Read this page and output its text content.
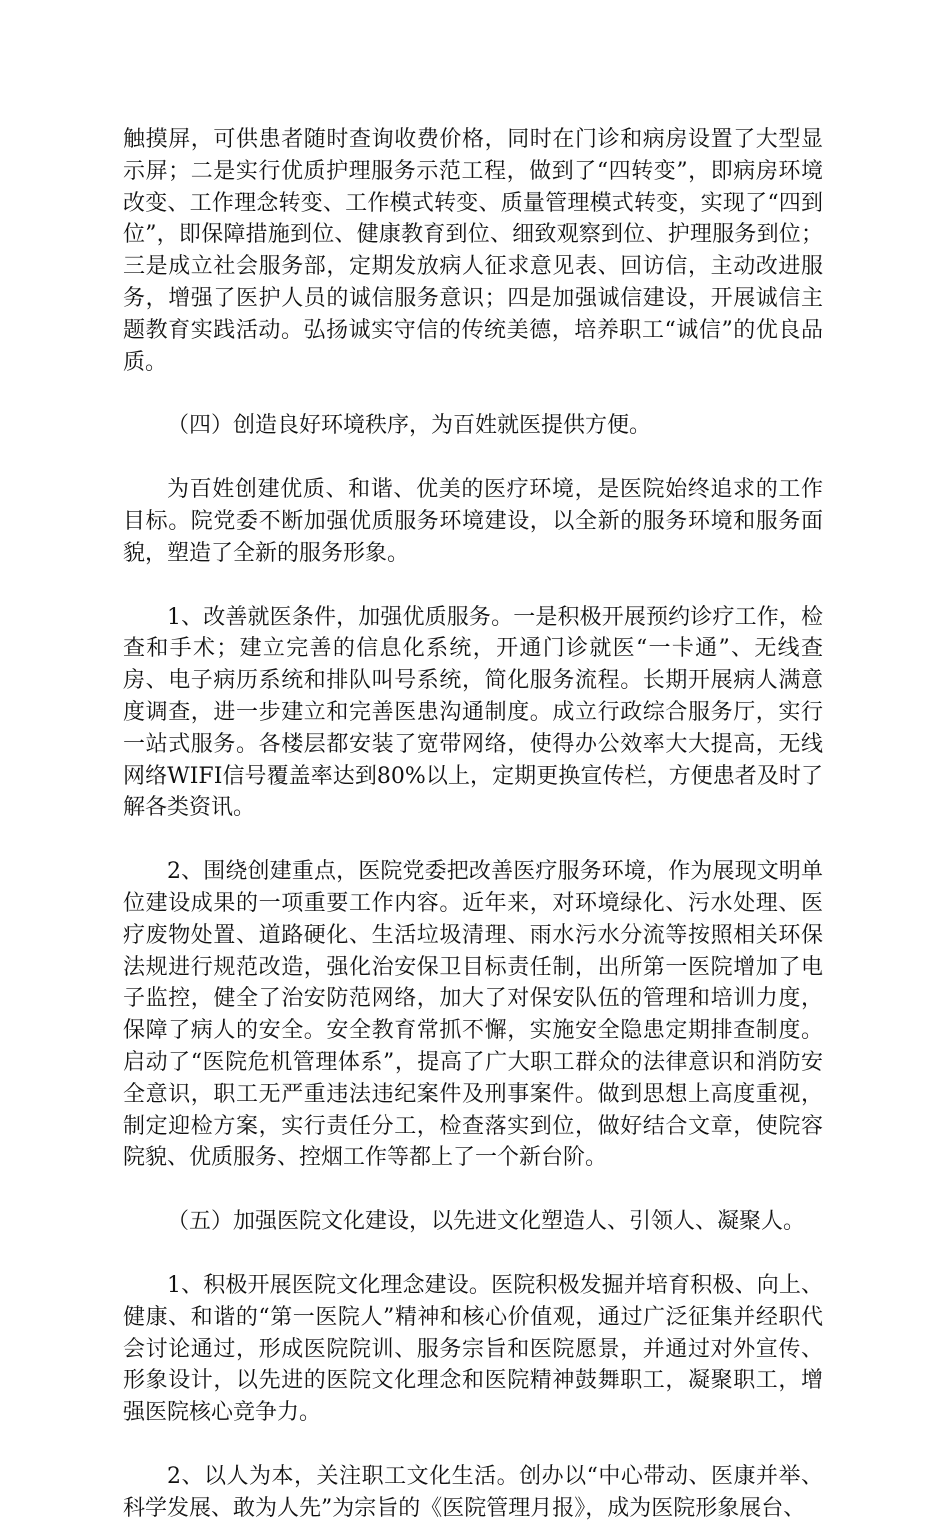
触摸屏，可供患者随时查询收费价格，同时在门诊和病房设置了大型显示屏；二是实行优质护理服务示范工程，做到了“四转变”，即病房环境改变、工作理念转变、工作模式转变、质量管理模式转变，实现了“四到位”，即保障措施到位、健康教育到位、细致观察到位、护理服务到位；三是成立社会服务部，定期发放病人征求意见表、回访信，主动改进服务，增强了医护人员的诚信服务意识；四是加强诚信建设，开展诚信主题教育实践活动。弘扬诚实守信的传统美德，培养职工“诚信”的优良品质。

（四）创造良好环境秩序，为百姓就医提供方便。

为百姓创建优质、和谐、优美的医疗环境，是医院始终追求的工作目标。院党委不断加强优质服务环境建设，以全新的服务环境和服务面貌，塑造了全新的服务形象。

1、改善就医条件，加强优质服务。一是积极开展预约诊疗工作，检查和手术；建立完善的信息化系统，开通门诊就医“一卡通”、无线查房、电子病历系统和排队叫号系统，简化服务流程。长期开展病人满意度调查，进一步建立和完善医患沟通制度。成立行政综合服务厅，实行一站式服务。各楼层都安装了宽带网络，使得办公效率大大提高，无线网络WIFI信号覆盖率达到80%以上，定期更换宣传栏，方便患者及时了解各类资讯。

2、围绕创建重点，医院党委把改善医疗服务环境，作为展现文明单位建设成果的一项重要工作内容。近年来，对环境绿化、污水处理、医疗废物处置、道路硬化、生活垃圾清理、雨水污水分流等按照相关环保法规进行规范改造，强化治安保卫目标责任制，出所第一医院增加了电子监控，健全了治安防范网络，加大了对保安队伍的管理和培训力度，保障了病人的安全。安全教育常抓不懈，实施安全隐患定期排查制度。启动了“医院危机管理体系”，提高了广大职工群众的法律意识和消防安全意识，职工无严重违法违纪案件及刑事案件。做到思想上高度重视，制定迎检方案，实行责任分工，检查落实到位，做好结合文章，使院容院貌、优质服务、控烟工作等都上了一个新台阶。

（五）加强医院文化建设，以先进文化塑造人、引领人、凝聚人。

1、积极开展医院文化理念建设。医院积极发掘并培育积极、向上、健康、和谐的“第一医院人”精神和核心价值观，通过广泛征集并经职代会讨论通过，形成医院院训、服务宗旨和医院愿景，并通过对外宣传、形象设计，以先进的医院文化理念和医院精神鼓舞职工，凝聚职工，增强医院核心竞争力。

2、以人为本，关注职工文化生活。创办以“中心带动、医康并举、科学发展、敢为人先”为宗旨的《医院管理月报》，成为医院形象展台、
